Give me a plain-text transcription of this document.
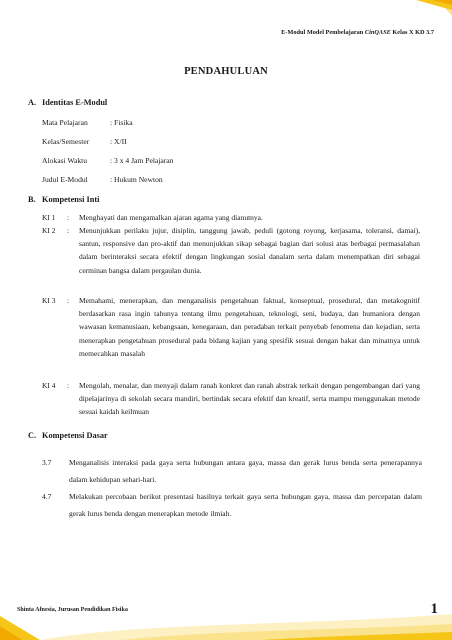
E-Modul Model Pembelajaran CinQASE Kelas X KD 3.7
PENDAHULUAN
A. Identitas E-Modul
Mata Pelajaran	: Fisika
Kelas/Semester	: X/II
Alokasi Waktu	: 3 x 4 Jam Pelajaran
Judul E-Modul	: Hukum Newton
B. Kompetensi Inti
KI 1 : Menghayati dan mengamalkan ajaran agama yang dianutnya.
KI 2 : Menunjukkan perilaku jujur, disiplin, tanggung jawab, peduli (gotong royong, kerjasama, toleransi, damai), santun, responsive dan pro-aktif dan menunjukkan sikap sebagai bagian dari solusi atas berbagai permasalahan dalam berinteraksi secara efektif dengan lingkungan sosial danalam serta dalam menempatkan diri sebagai cerminan bangsa dalam pergaulan dunia.
KI 3 : Memahami, menerapkan, dan menganalisis pengetahuan faktual, konseptual, prosedural, dan metakognitif berdasarkan rasa ingin tahunya tentang ilmu pengetahuan, teknologi, seni, budaya, dan humaniora dengan wawasan kemanusiaan, kebangsaan, kenegaraan, dan peradaban terkait penyebab fenomena dan kejadian, serta menerapkan pengetahuan prosedural pada bidang kajian yang spesifik sesuai dengan bakat dan minatnya untuk memecahkan masalah
KI 4 : Mengolah, menalar, dan menyaji dalam ranah konkret dan ranah abstrak terkait dengan pengembangan dari yang dipelajarinya di sekolah secara mandiri, bertindak secara efektif dan kreatif, serta mampu menggunakan metode sesuai kaidah keilmuan
C. Kompetensi Dasar
3.7 Menganalisis interaksi pada gaya serta hubungan antara gaya, massa dan gerak lurus benda serta penerapannya dalam kehidupan sehari-hari.
4.7 Melakukan percobaan berikut presentasi hasilnya terkait gaya serta hubungan gaya, massa dan percepatan dalam gerak lurus benda dengan menerapkan metode ilmiah.
Shinta Afnesia, Jurusan Pendidikan Fisika	1
